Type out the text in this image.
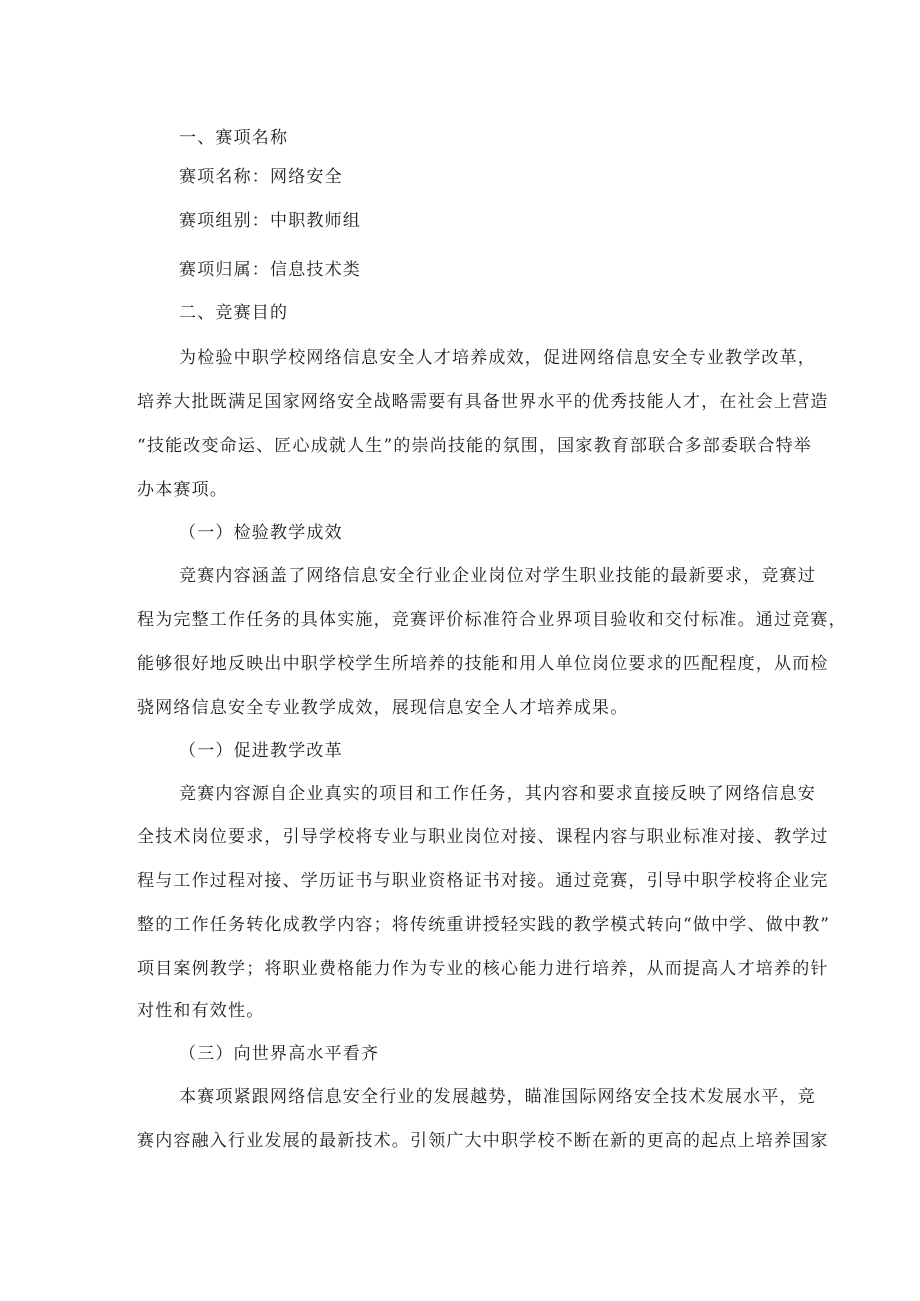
一、赛项名称
赛项名称：网络安全
赛项组别：中职教师组
赛项归属：信息技术类
二、竞赛目的
为检验中职学校网络信息安全人才培养成效，促进网络信息安全专业教学改革，
培养大批既满足国家网络安全战略需要有具备世界水平的优秀技能人才，在社会上营造
“技能改变命运、匠心成就人生”的崇尚技能的氛围，国家教育部联合多部委联合特举
办本赛项。
（一）检验教学成效
竞赛内容涵盖了网络信息安全行业企业岗位对学生职业技能的最新要求，竞赛过
程为完整工作任务的具体实施，竞赛评价标准符合业界项目验收和交付标准。通过竞赛，
能够很好地反映出中职学校学生所培养的技能和用人单位岗位要求的匹配程度，从而检
骁网络信息安全专业教学成效，展现信息安全人才培养成果。
（一）促进教学改革
竞赛内容源自企业真实的项目和工作任务，其内容和要求直接反映了网络信息安
全技术岗位要求，引导学校将专业与职业岗位对接、课程内容与职业标准对接、教学过
程与工作过程对接、学历证书与职业资格证书对接。通过竞赛，引导中职学校将企业完
整的工作任务转化成教学内容；将传统重讲授轻实践的教学模式转向“做中学、做中教”
项目案例教学；将职业费格能力作为专业的核心能力进行培养，从而提高人才培养的针
对性和有效性。
（三）向世界高水平看齐
本赛项紧跟网络信息安全行业的发展越势，瞄准国际网络安全技术发展水平，竞
赛内容融入行业发展的最新技术。引领广大中职学校不断在新的更高的起点上培养国家
